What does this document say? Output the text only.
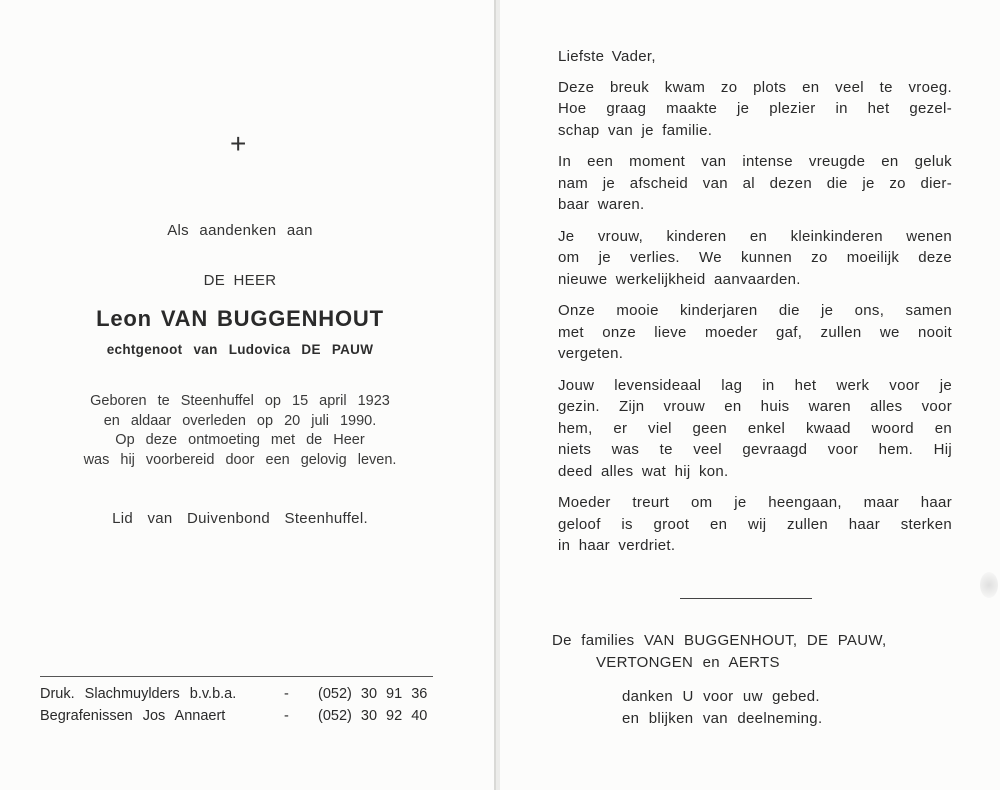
+
Als aandenken aan
DE HEER
Leon VAN BUGGENHOUT
echtgenoot van Ludovica DE PAUW
Geboren te Steenhuffel op 15 april 1923
en aldaar overleden op 20 juli 1990.
Op deze ontmoeting met de Heer
was hij voorbereid door een gelovig leven.
Lid van Duivenbond Steenhuffel.
Druk. Slachmuylders b.v.b.a.	- (052) 30 91 36
Begrafenissen Jos Annaert	- (052) 30 92 40
Liefste Vader,
Deze breuk kwam zo plots en veel te vroeg.
Hoe graag maakte je plezier in het gezel-
schap van je familie.
In een moment van intense vreugde en geluk
nam je afscheid van al dezen die je zo dier-
baar waren.
Je vrouw, kinderen en kleinkinderen wenen
om je verlies. We kunnen zo moeilijk deze
nieuwe werkelijkheid aanvaarden.
Onze mooie kinderjaren die je ons, samen
met onze lieve moeder gaf, zullen we nooit
vergeten.
Jouw levensideaal lag in het werk voor je
gezin. Zijn vrouw en huis waren alles voor
hem, er viel geen enkel kwaad woord en
niets was te veel gevraagd voor hem. Hij
deed alles wat hij kon.
Moeder treurt om je heengaan, maar haar
geloof is groot en wij zullen haar sterken
in haar verdriet.
De families VAN BUGGENHOUT, DE PAUW,
VERTONGEN en AERTS
danken U voor uw gebed.
en blijken van deelneming.
